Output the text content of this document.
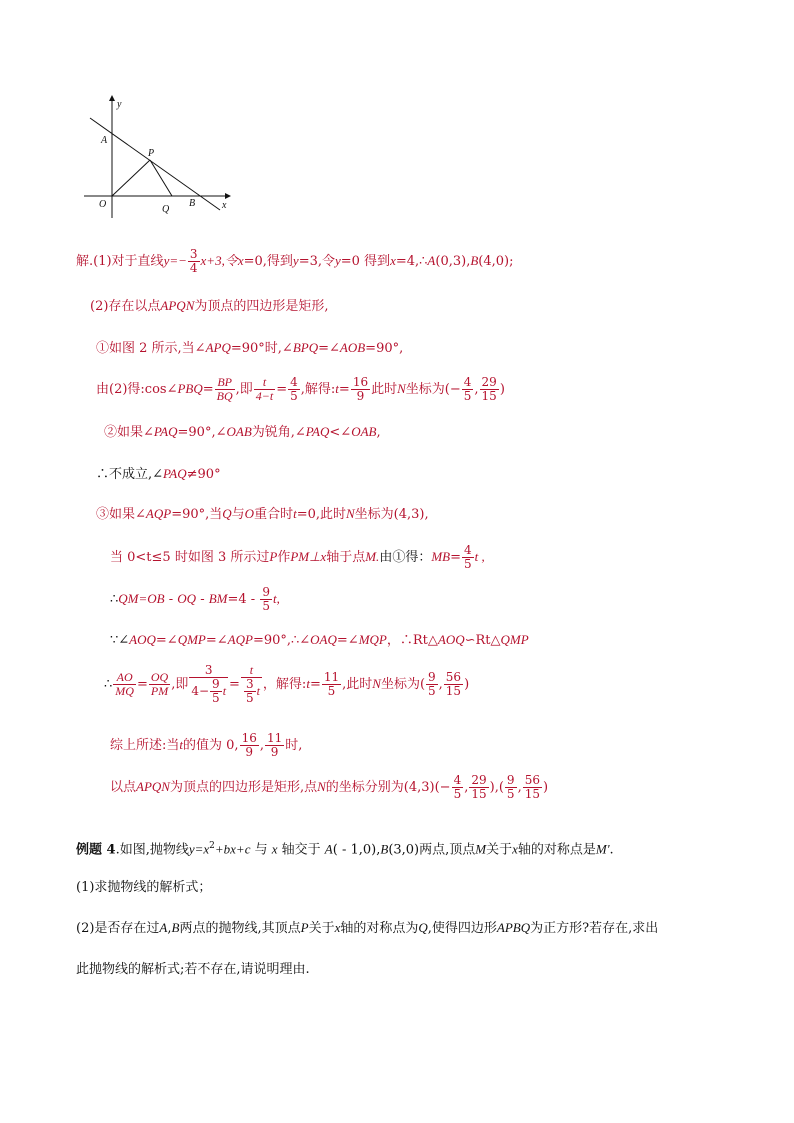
y
A
P
O	Q
B	x
解.(1)对于直线$y=- \frac{3}{4} x+3$,令x=0,得到y=3,令y=0 得到x=4,∴A(0,3),B(4,0);
(2)存在以点APQN为顶点的四边形是矩形,
①如图 2 所示,当∠APQ=90°时,∠BPQ=∠AOB=90°,
由(2)得:cos∠PBQ= $\frac{BP}{BQ}$ ,即 $\frac{t}{4-t} = \frac{4}{5}$ ,解得:t= $\frac{16}{9}$ 此时N坐标为(− $\frac{4}{5}$ , $\frac{29}{15}$ )
②如果∠PAQ=90°,∠OAB为锐角,∠PAQ<∠OAB,
∴不成立,∠PAQ≠90°
③如果∠AQP=90°,当Q与O重合时t=0,此时N坐标为(4,3),
当 0<t≤5 时如图 3 所示过P作PM⊥x轴于点M.由①得：$MB= \frac{4}{5}$ t ,
∴QM=OB - OQ - $BM=4 - \frac{9}{5} t$,
∵∠AOQ=∠QMP=∠AQP=90°,∴∠OAQ=∠MQP，∴Rt△AOQ∽Rt△QMP
∴ $\frac{AO}{MQ} = \frac{OQ}{PM}$ ,即 $\frac{3}{4- \frac{9}{5} t} = \frac{t}{\frac{3}{5} t}$ ，解得:t= $\frac{11}{5}$ ,此时N坐标为( $\frac{9}{5}$ , $\frac{56}{15}$ )
综上所述:当t的值为 0, $\frac{16}{9}$ , $\frac{11}{9}$ 时,
以点APQN为顶点的四边形是矩形,点N的坐标分别为$(4,3)(- \frac{4}{5}$ , $\frac{29}{15}$ ),( $\frac{9}{5}$ , $\frac{56}{15}$ )
例题 4.如图,抛物线$y=x^2+bx+c$ 与 x 轴交于 A( - 1,0),B(3,0)两点,顶点M关于x轴的对称点是M'.
(1)求抛物线的解析式；
(2)是否存在过A,B两点的抛物线,其顶点P关于x轴的对称点为Q,使得四边形APBQ为正方形?若存在,求出
此抛物线的解析式;若不存在,请说明理由.
